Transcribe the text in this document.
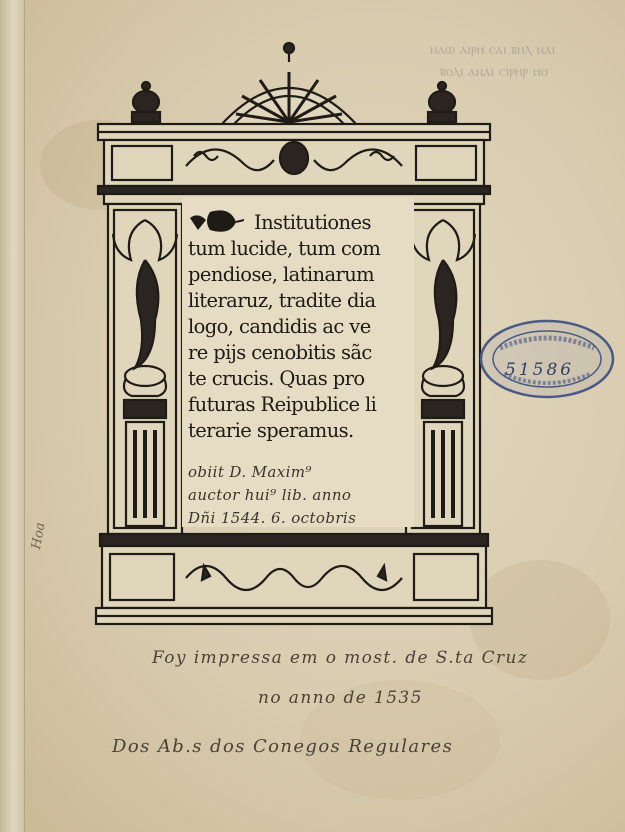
ⲛⲁⲱ ⲁⲓⲣⲏ ⲥⲁⲓ ⲃⲏⲗ ⲛⲁⲓ
ⲃⲟⲗⲓ ⲁⲛⲁⲓ ⲥⲓⲣⲏⲣ ⲏⲟ
Institutiones
tum lucide, tum com
pendiose, latinarum
literaruz, tradite dia
logo, candidis ac ve
re pijs cenobitis sãc
te crucis. Quas pro
futuras Reipublice li
terarie speramus.
obiit D. Maxim⁹
auctor hui⁹ lib. anno
Dñi 1544. 6. octobris
51586
Hoa
Foy impressa em o most. de S.ta Cruz
no anno de 1535
Dos Ab.s dos Conegos Regulares
